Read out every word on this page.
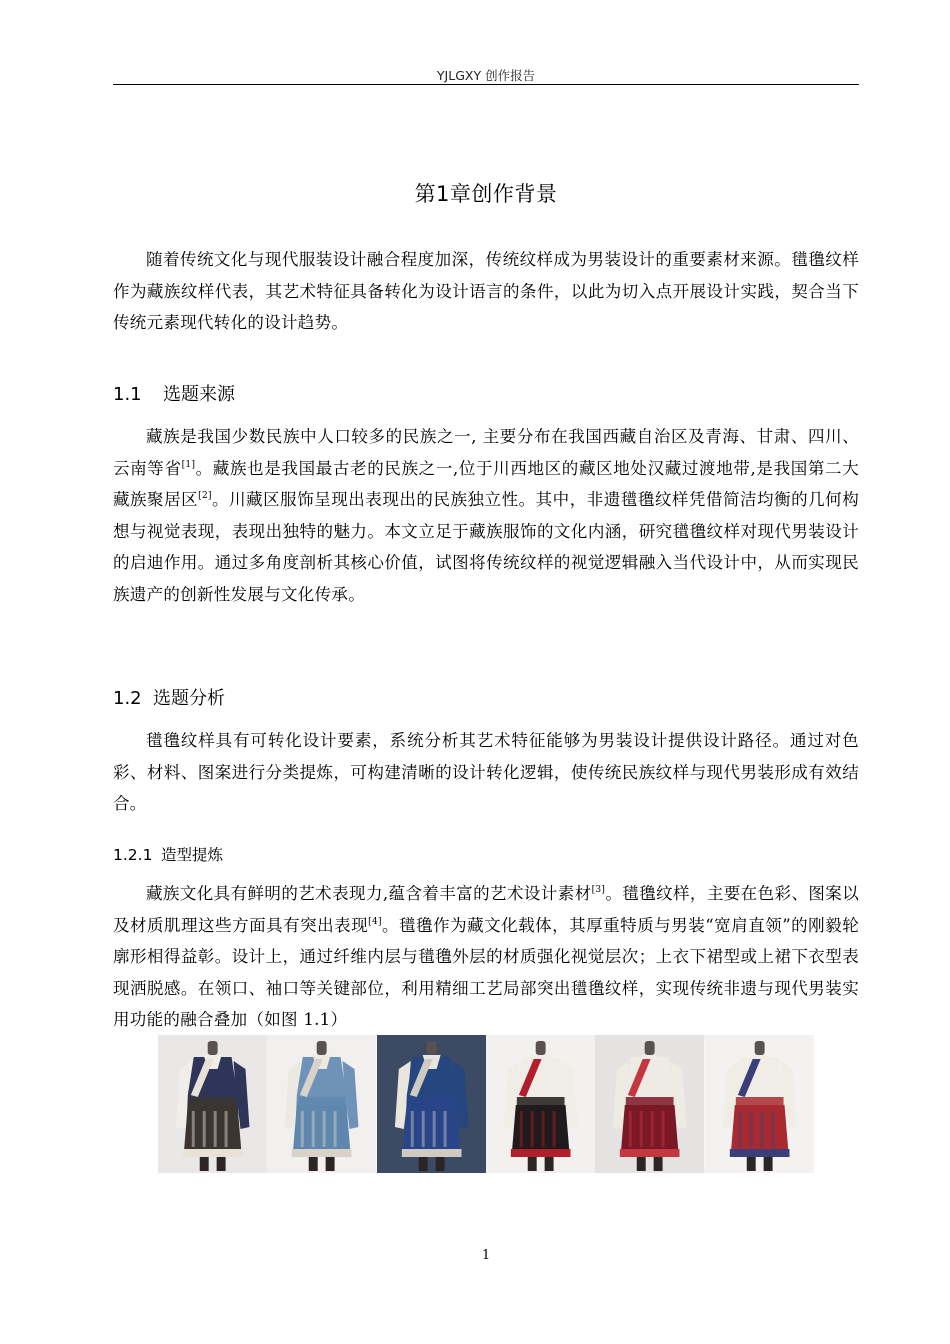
YJLGXY 创作报告
第1章创作背景

随着传统文化与现代服装设计融合程度加深，传统纹样成为男装设计的重要素材来源。氆氇纹样作为藏族纹样代表，其艺术特征具备转化为设计语言的条件，以此为切入点开展设计实践，契合当下传统元素现代转化的设计趋势。

1.1 选题来源

藏族是我国少数民族中人口较多的民族之一, 主要分布在我国西藏自治区及青海、甘肃、四川、 云南等省[1]。藏族也是我国最古老的民族之一,位于川西地区的藏区地处汉藏过渡地带,是我国第二大藏族聚居区[2]。川藏区服饰呈现出表现出的民族独立性。其中，非遗氆氇纹样凭借简洁均衡的几何构想与视觉表现，表现出独特的魅力。本文立足于藏族服饰的文化内涵，研究氆氇纹样对现代男装设计的启迪作用。通过多角度剖析其核心价值，试图将传统纹样的视觉逻辑融入当代设计中，从而实现民族遗产的创新性发展与文化传承。

1.2 选题分析

氆氇纹样具有可转化设计要素，系统分析其艺术特征能够为男装设计提供设计路径。通过对色彩、材料、图案进行分类提炼，可构建清晰的设计转化逻辑，使传统民族纹样与现代男装形成有效结合。

1.2.1 造型提炼

藏族文化具有鲜明的艺术表现力,蕴含着丰富的艺术设计素材[3]。氆氇纹样，主要在色彩、图案以及材质肌理这些方面具有突出表现[4]。氆氇作为藏文化载体，其厚重特质与男装“宽肩直领”的刚毅轮廓形相得益彰。设计上，通过纤维内层与氆氇外层的材质强化视觉层次；上衣下裙型或上裙下衣型表现洒脱感。在领口、袖口等关键部位，利用精细工艺局部突出氆氇纹样，实现传统非遗与现代男装实用功能的融合叠加（如图 1.1）

1
